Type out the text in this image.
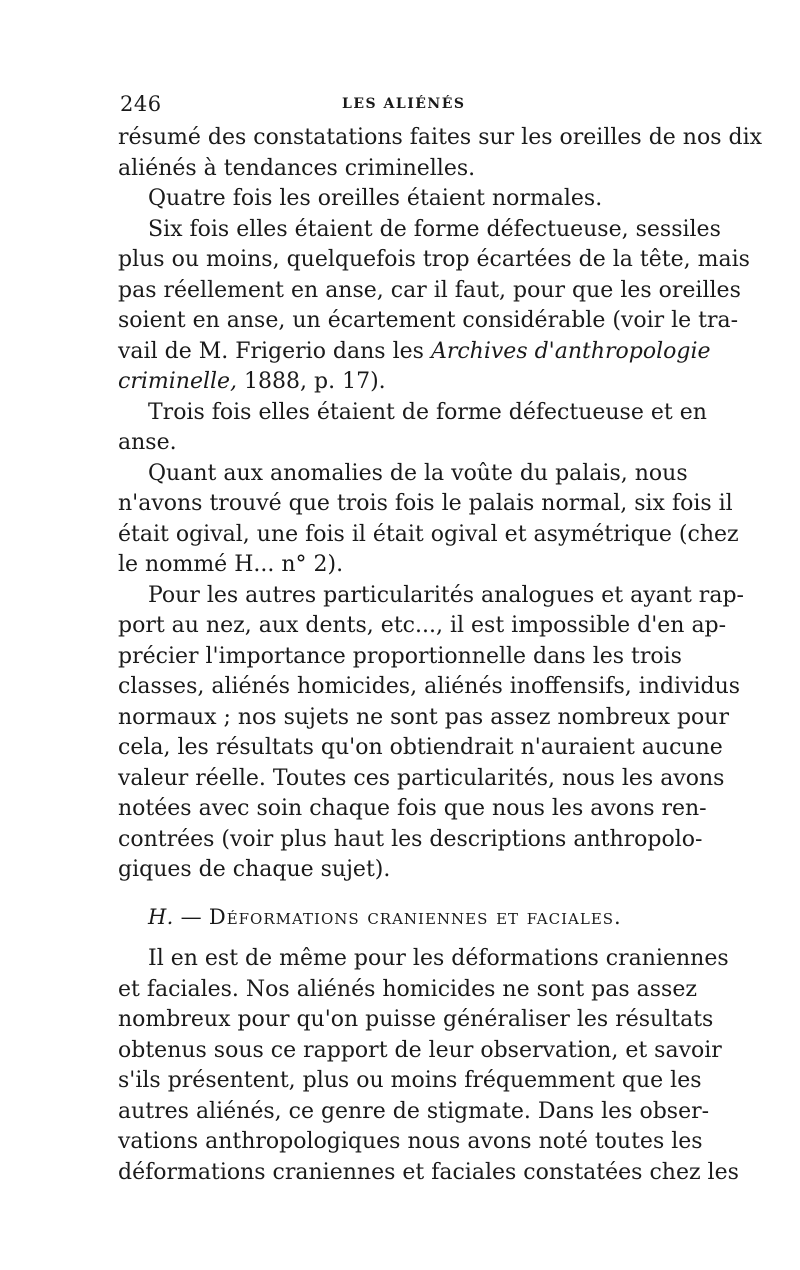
246	LES ALIÉNÉS
résumé des constatations faites sur les oreilles de nos dix
aliénés à tendances criminelles.
Quatre fois les oreilles étaient normales.
Six fois elles étaient de forme défectueuse, sessiles
plus ou moins, quelquefois trop écartées de la tête, mais
pas réellement en anse, car il faut, pour que les oreilles
soient en anse, un écartement considérable (voir le tra-
vail de M. Frigerio dans les Archives d'anthropologie
criminelle, 1888, p. 17).
Trois fois elles étaient de forme défectueuse et en
anse.
Quant aux anomalies de la voûte du palais, nous
n'avons trouvé que trois fois le palais normal, six fois il
était ogival, une fois il était ogival et asymétrique (chez
le nommé H... n° 2).
Pour les autres particularités analogues et ayant rap-
port au nez, aux dents, etc..., il est impossible d'en ap-
précier l'importance proportionnelle dans les trois
classes, aliénés homicides, aliénés inoffensifs, individus
normaux ; nos sujets ne sont pas assez nombreux pour
cela, les résultats qu'on obtiendrait n'auraient aucune
valeur réelle. Toutes ces particularités, nous les avons
notées avec soin chaque fois que nous les avons ren-
contrées (voir plus haut les descriptions anthropolo-
giques de chaque sujet).
H. — Déformations craniennes et faciales.
Il en est de même pour les déformations craniennes
et faciales. Nos aliénés homicides ne sont pas assez
nombreux pour qu'on puisse généraliser les résultats
obtenus sous ce rapport de leur observation, et savoir
s'ils présentent, plus ou moins fréquemment que les
autres aliénés, ce genre de stigmate. Dans les obser-
vations anthropologiques nous avons noté toutes les
déformations craniennes et faciales constatées chez les
